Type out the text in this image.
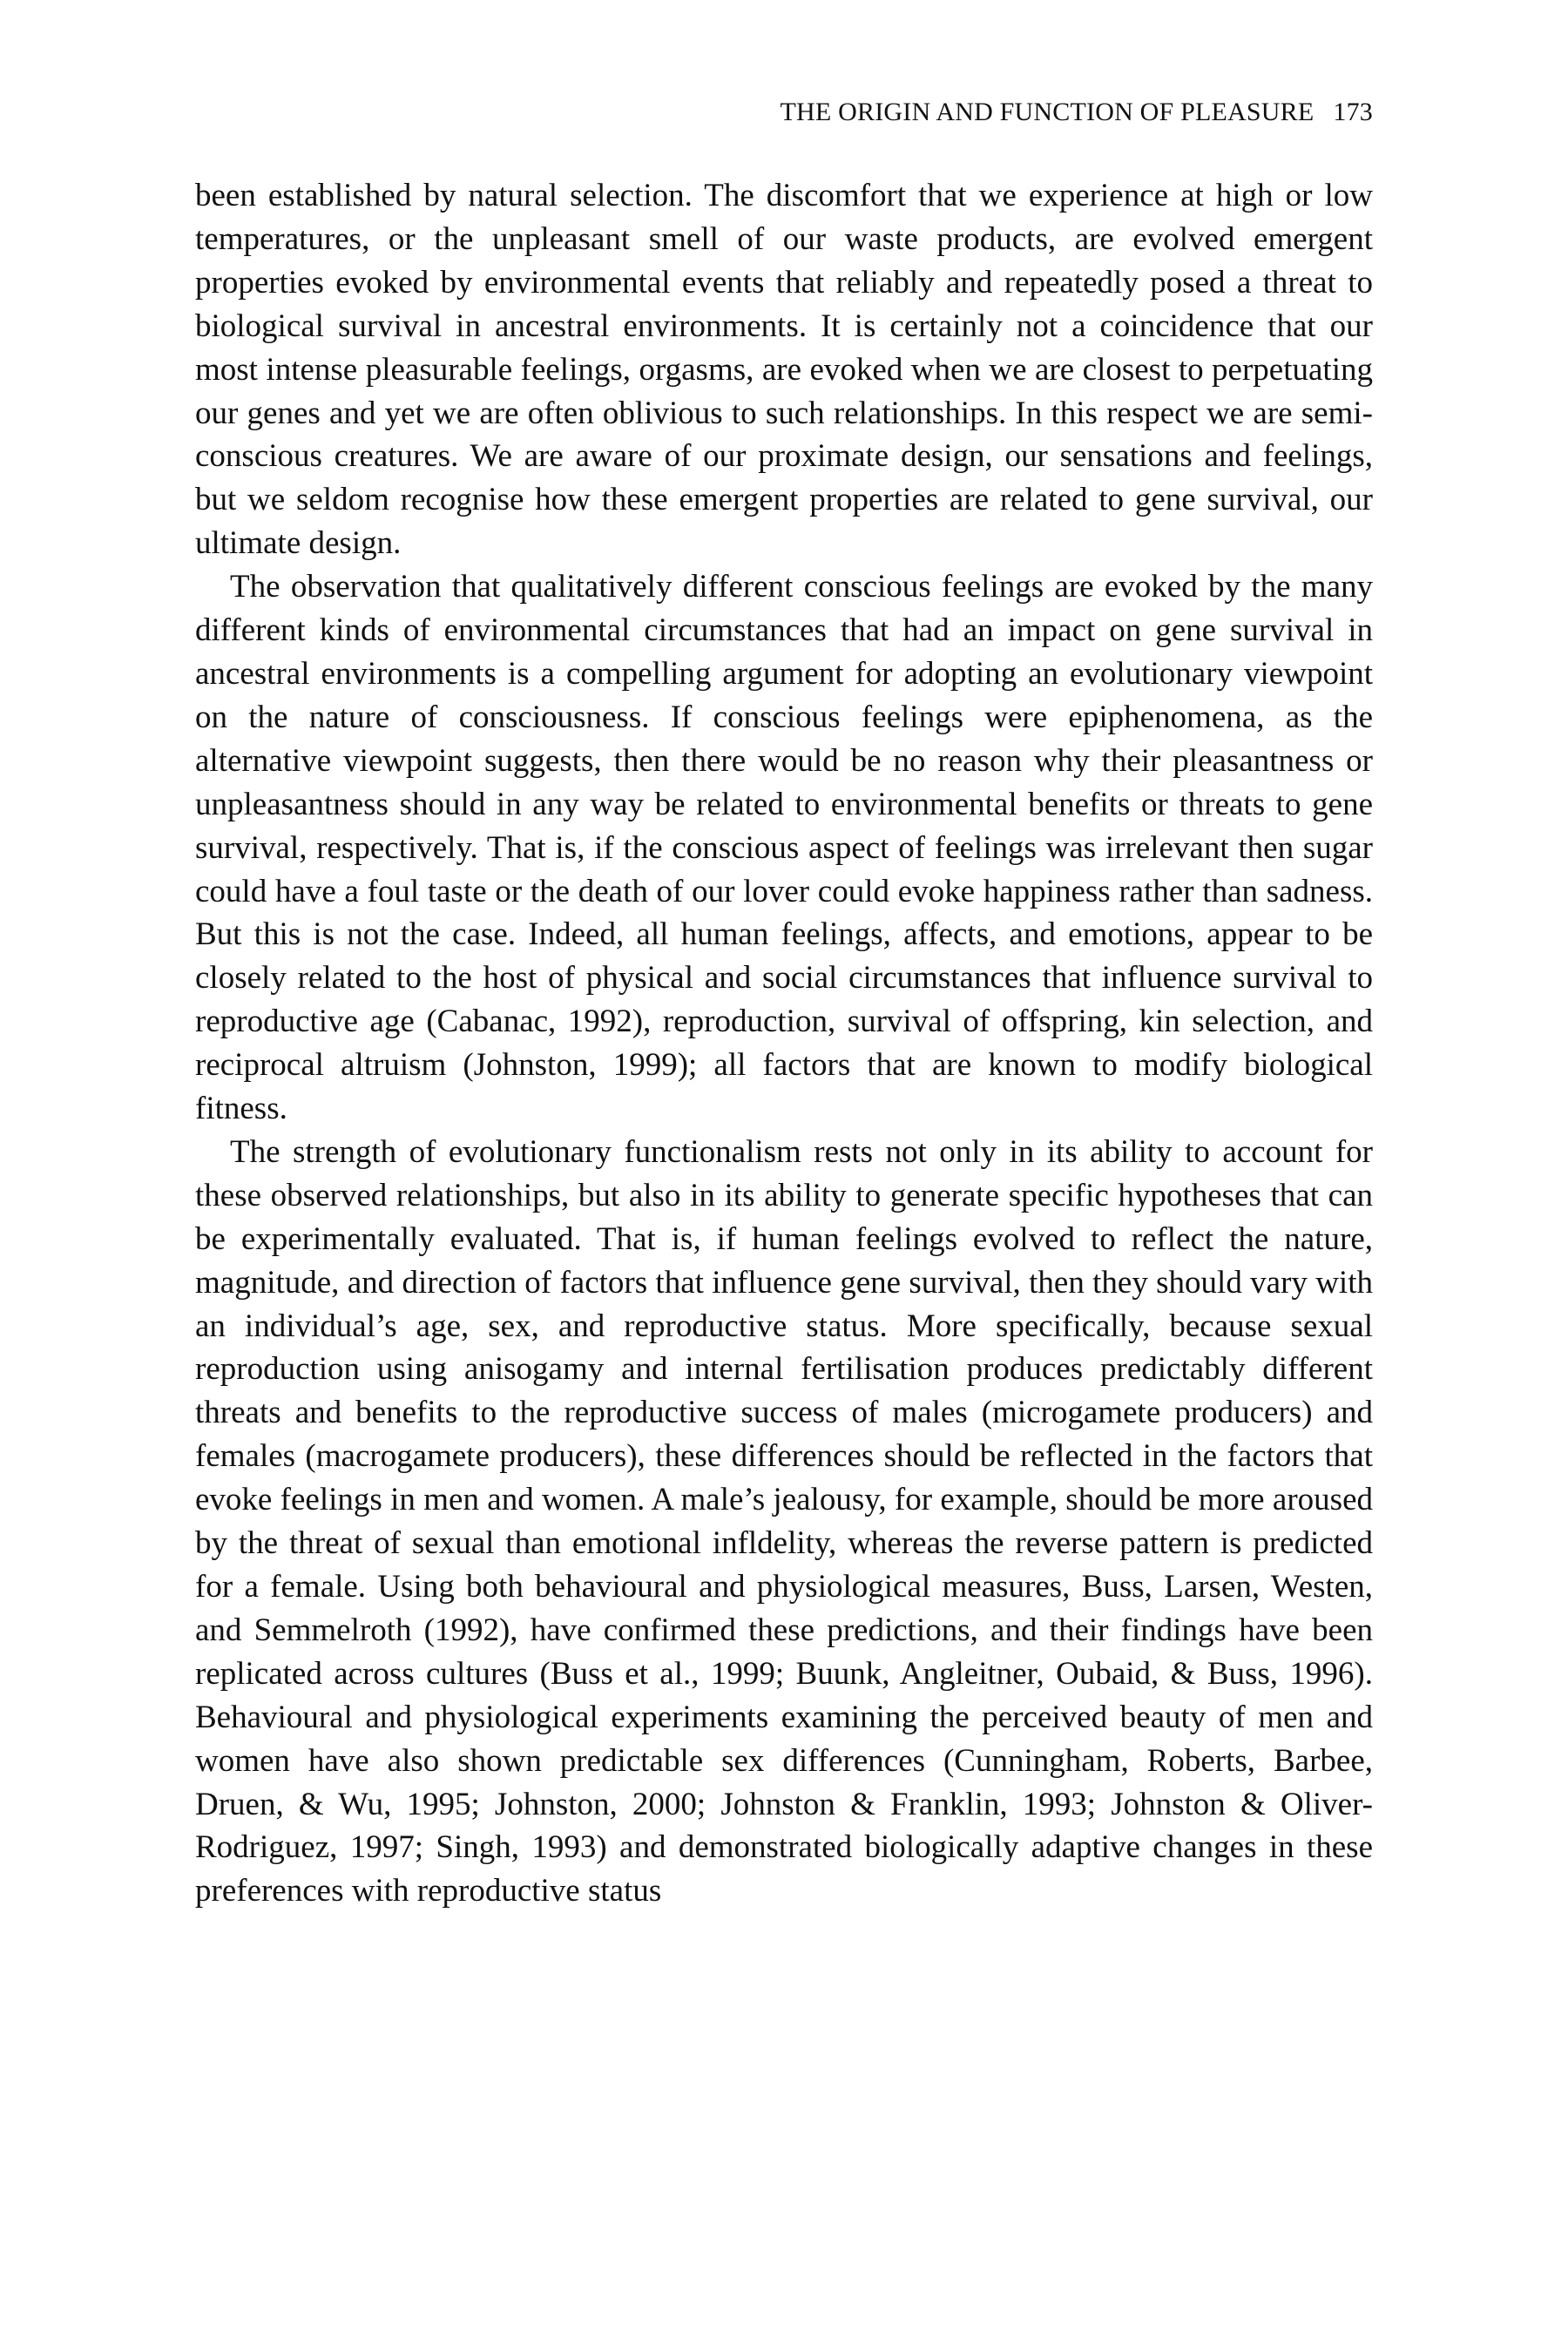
THE ORIGIN AND FUNCTION OF PLEASURE 173

been established by natural selection. The discomfort that we experience at high or low temperatures, or the unpleasant smell of our waste products, are evolved emergent properties evoked by environmental events that reliably and repeatedly posed a threat to biological survival in ancestral environments. It is certainly not a coincidence that our most intense pleasurable feelings, orgasms, are evoked when we are closest to perpetuating our genes and yet we are often oblivious to such relationships. In this respect we are semi-conscious creatures. We are aware of our proximate design, our sensations and feelings, but we seldom recognise how these emergent properties are related to gene survival, our ultimate design.

The observation that qualitatively different conscious feelings are evoked by the many different kinds of environmental circumstances that had an impact on gene survival in ancestral environments is a compelling argument for adopting an evolutionary viewpoint on the nature of consciousness. If conscious feelings were epiphenomena, as the alternative viewpoint suggests, then there would be no reason why their pleasantness or unpleasantness should in any way be related to environmental benefits or threats to gene survival, respectively. That is, if the conscious aspect of feelings was irrelevant then sugar could have a foul taste or the death of our lover could evoke happiness rather than sadness. But this is not the case. Indeed, all human feelings, affects, and emotions, appear to be closely related to the host of physical and social circumstances that influence survival to reproductive age (Cabanac, 1992), reproduction, survival of offspring, kin selection, and reciprocal altruism (Johnston, 1999); all factors that are known to modify biological fitness.

The strength of evolutionary functionalism rests not only in its ability to account for these observed relationships, but also in its ability to generate specific hypotheses that can be experimentally evaluated. That is, if human feelings evolved to reflect the nature, magnitude, and direction of factors that influence gene survival, then they should vary with an individual’s age, sex, and reproductive status. More specifically, because sexual reproduction using anisogamy and internal fertilisation produces predictably different threats and benefits to the reproductive success of males (microgamete producers) and females (macrogamete producers), these differences should be reflected in the factors that evoke feelings in men and women. A male’s jealousy, for example, should be more aroused by the threat of sexual than emotional infldelity, whereas the reverse pattern is predicted for a female. Using both behavioural and physiological measures, Buss, Larsen, Westen, and Semmelroth (1992), have confirmed these predictions, and their findings have been replicated across cultures (Buss et al., 1999; Buunk, Angleitner, Oubaid, & Buss, 1996). Behavioural and physiological experiments examining the perceived beauty of men and women have also shown predictable sex differences (Cunningham, Roberts, Barbee, Druen, & Wu, 1995; Johnston, 2000; Johnston & Franklin, 1993; Johnston & Oliver-Rodriguez, 1997; Singh, 1993) and demonstrated biologically adaptive changes in these preferences with reproductive status
